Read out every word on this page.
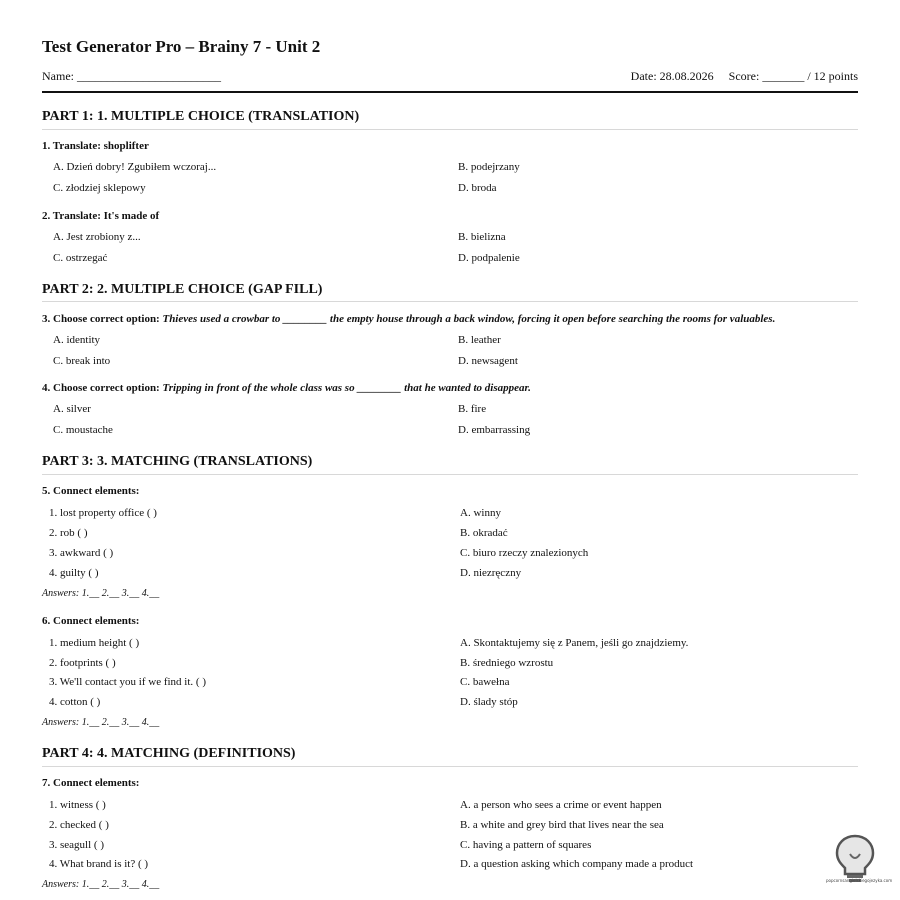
Test Generator Pro – Brainy 7 - Unit 2
Name: ________________________	Date: 28.08.2026 Score: _______ / 12 points
PART 1: 1. MULTIPLE CHOICE (TRANSLATION)
1. Translate: shoplifter
A. Dzień dobry! Zgubiłem wczoraj...	B. podejrzany
C. złodziej sklepowy	D. broda
2. Translate: It's made of
A. Jest zrobiony z...	B. bielizna
C. ostrzegać	D. podpalenie
PART 2: 2. MULTIPLE CHOICE (GAP FILL)
3. Choose correct option: Thieves used a crowbar to ________ the empty house through a back window, forcing it open before searching the rooms for valuables.
A. identity	B. leather
C. break into	D. newsagent
4. Choose correct option: Tripping in front of the whole class was so ________ that he wanted to disappear.
A. silver	B. fire
C. moustache	D. embarrassing
PART 3: 3. MATCHING (TRANSLATIONS)
5. Connect elements:
1. lost property office ( )	A. winny
2. rob ( )	B. okradać
3. awkward ( )	C. biuro rzeczy znalezionych
4. guilty ( )	D. niezręczny
Answers: 1.__ 2.__ 3.__ 4.__
6. Connect elements:
1. medium height ( )	A. Skontaktujemy się z Panem, jeśli go znajdziemy.
2. footprints ( )	B. średniego wzrostu
3. We'll contact you if we find it. ( )	C. bawełna
4. cotton ( )	D. ślady stóp
Answers: 1.__ 2.__ 3.__ 4.__
PART 4: 4. MATCHING (DEFINITIONS)
7. Connect elements:
1. witness ( )	A. a person who sees a crime or event happen
2. checked ( )	B. a white and grey bird that lives near the sea
3. seagull ( )	C. having a pattern of squares
4. What brand is it? ( )	D. a question asking which company made a product
Answers: 1.__ 2.__ 3.__ 4.__	popcornsangielskiegojezyka.com
